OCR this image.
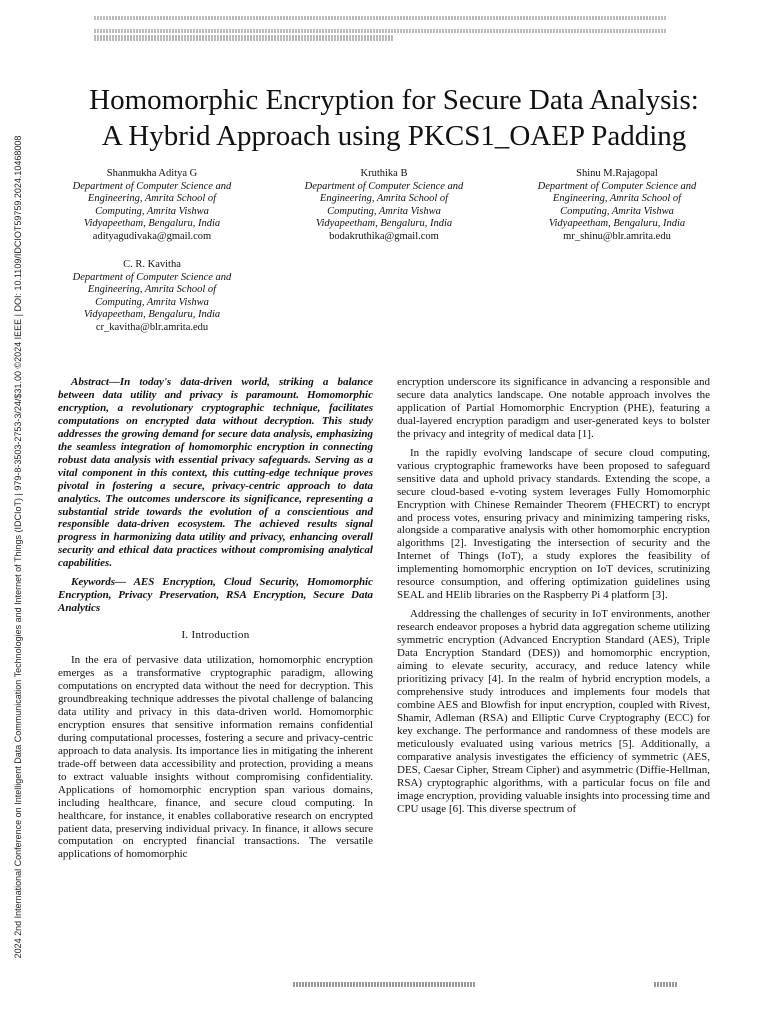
2024 2nd International Conference on Intelligent Data Communication Technologies and Internet of Things (IDCIoT) | 979-8-3503-2753-3/24/$31.00 ©2024 IEEE | DOI: 10.1109/IDCIOT59759.2024.10468008
Homomorphic Encryption for Secure Data Analysis:
A Hybrid Approach using PKCS1_OAEP Padding
Shanmukha Aditya G
Department of Computer Science and
Engineering, Amrita School of
Computing, Amrita Vishwa
Vidyapeetham, Bengaluru, India
adityagudivaka@gmail.com
Kruthika B
Department of Computer Science and
Engineering, Amrita School of
Computing, Amrita Vishwa
Vidyapeetham, Bengaluru, India
bodakruthika@gmail.com
Shinu M.Rajagopal
Department of Computer Science and
Engineering, Amrita School of
Computing, Amrita Vishwa
Vidyapeetham, Bengaluru, India
mr_shinu@blr.amrita.edu
C. R. Kavitha
Department of Computer Science and
Engineering, Amrita School of
Computing, Amrita Vishwa
Vidyapeetham, Bengaluru, India
cr_kavitha@blr.amrita.edu

Abstract—In today's data-driven world, striking a balance between data utility and privacy is paramount. Homomorphic encryption, a revolutionary cryptographic technique, facilitates computations on encrypted data without decryption. This study addresses the growing demand for secure data analysis, emphasizing the seamless integration of homomorphic encryption in connecting robust data analysis with essential privacy safeguards. Serving as a vital component in this context, this cutting-edge technique proves pivotal in fostering a secure, privacy-centric approach to data analytics. The outcomes underscore its significance, representing a substantial stride towards the evolution of a conscientious and responsible data-driven ecosystem. The achieved results signal progress in harmonizing data utility and privacy, enhancing overall security and ethical data practices without compromising analytical capabilities.

Keywords— AES Encryption, Cloud Security, Homomorphic Encryption, Privacy Preservation, RSA Encryption, Secure Data Analytics

I. Introduction

In the era of pervasive data utilization, homomorphic encryption emerges as a transformative cryptographic paradigm, allowing computations on encrypted data without the need for decryption. This groundbreaking technique addresses the pivotal challenge of balancing data utility and privacy in this data-driven world. Homomorphic encryption ensures that sensitive information remains confidential during computational processes, fostering a secure and privacy-centric approach to data analysis. Its importance lies in mitigating the inherent trade-off between data accessibility and protection, providing a means to extract valuable insights without compromising confidentiality. Applications of homomorphic encryption span various domains, including healthcare, finance, and secure cloud computing. In healthcare, for instance, it enables collaborative research on encrypted patient data, preserving individual privacy. In finance, it allows secure computation on encrypted financial transactions. The versatile applications of homomorphic

encryption underscore its significance in advancing a responsible and secure data analytics landscape. One notable approach involves the application of Partial Homomorphic Encryption (PHE), featuring a dual-layered encryption paradigm and user-generated keys to bolster the privacy and integrity of medical data [1].

In the rapidly evolving landscape of secure cloud computing, various cryptographic frameworks have been proposed to safeguard sensitive data and uphold privacy standards. Extending the scope, a secure cloud-based e-voting system leverages Fully Homomorphic Encryption with Chinese Remainder Theorem (FHECRT) to encrypt and process votes, ensuring privacy and minimizing tampering risks, alongside a comparative analysis with other homomorphic encryption algorithms [2]. Investigating the intersection of security and the Internet of Things (IoT), a study explores the feasibility of implementing homomorphic encryption on IoT devices, scrutinizing resource consumption, and offering optimization guidelines using SEAL and HElib libraries on the Raspberry Pi 4 platform [3].

Addressing the challenges of security in IoT environments, another research endeavor proposes a hybrid data aggregation scheme utilizing symmetric encryption (Advanced Encryption Standard (AES), Triple Data Encryption Standard (DES)) and homomorphic encryption, aiming to elevate security, accuracy, and reduce latency while prioritizing privacy [4]. In the realm of hybrid encryption models, a comprehensive study introduces and implements four models that combine AES and Blowfish for input encryption, coupled with Rivest, Shamir, Adleman (RSA) and Elliptic Curve Cryptography (ECC) for key exchange. The performance and randomness of these models are meticulously evaluated using various metrics [5]. Additionally, a comparative analysis investigates the efficiency of symmetric (AES, DES, Caesar Cipher, Stream Cipher) and asymmetric (Diffie-Hellman, RSA) cryptographic algorithms, with a particular focus on file and image encryption, providing valuable insights into processing time and CPU usage [6]. This diverse spectrum of
